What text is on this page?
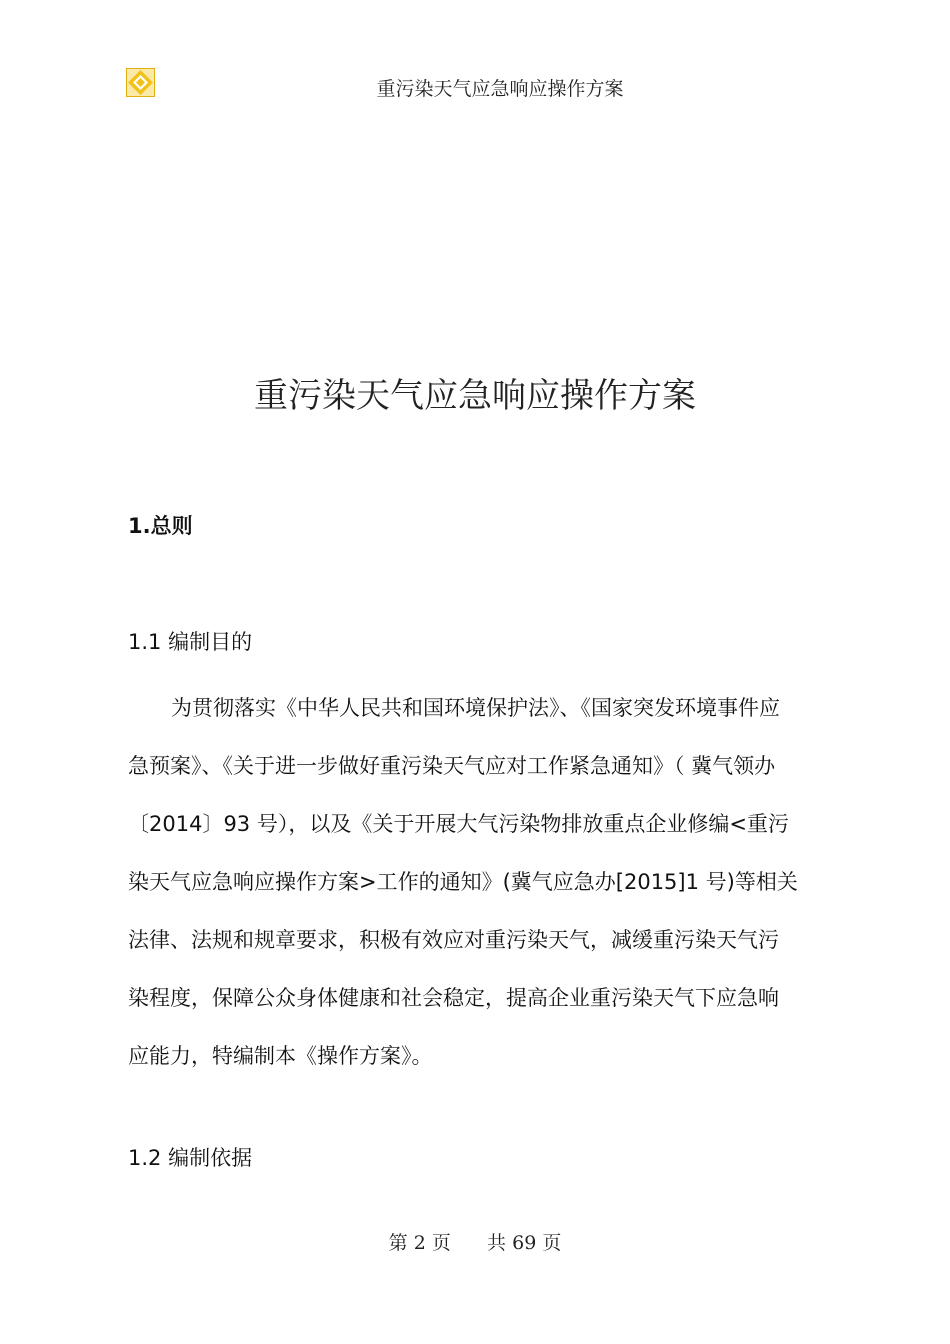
重污染天气应急响应操作方案
重污染天气应急响应操作方案
1.总则
1.1 编制目的
为贯彻落实《中华人民共和国环境保护法》、《国家突发环境事件应
急预案》、《关于进一步做好重污染天气应对工作紧急通知》（ 冀气领办
〔2014〕93 号），以及《关于开展大气污染物排放重点企业修编<重污
染天气应急响应操作方案>工作的通知》(冀气应急办[2015]1 号)等相关
法律、法规和规章要求，积极有效应对重污染天气，减缓重污染天气污
染程度，保障公众身体健康和社会稳定，提高企业重污染天气下应急响
应能力，特编制本《操作方案》。
1.2 编制依据
第 2 页      共 69 页
